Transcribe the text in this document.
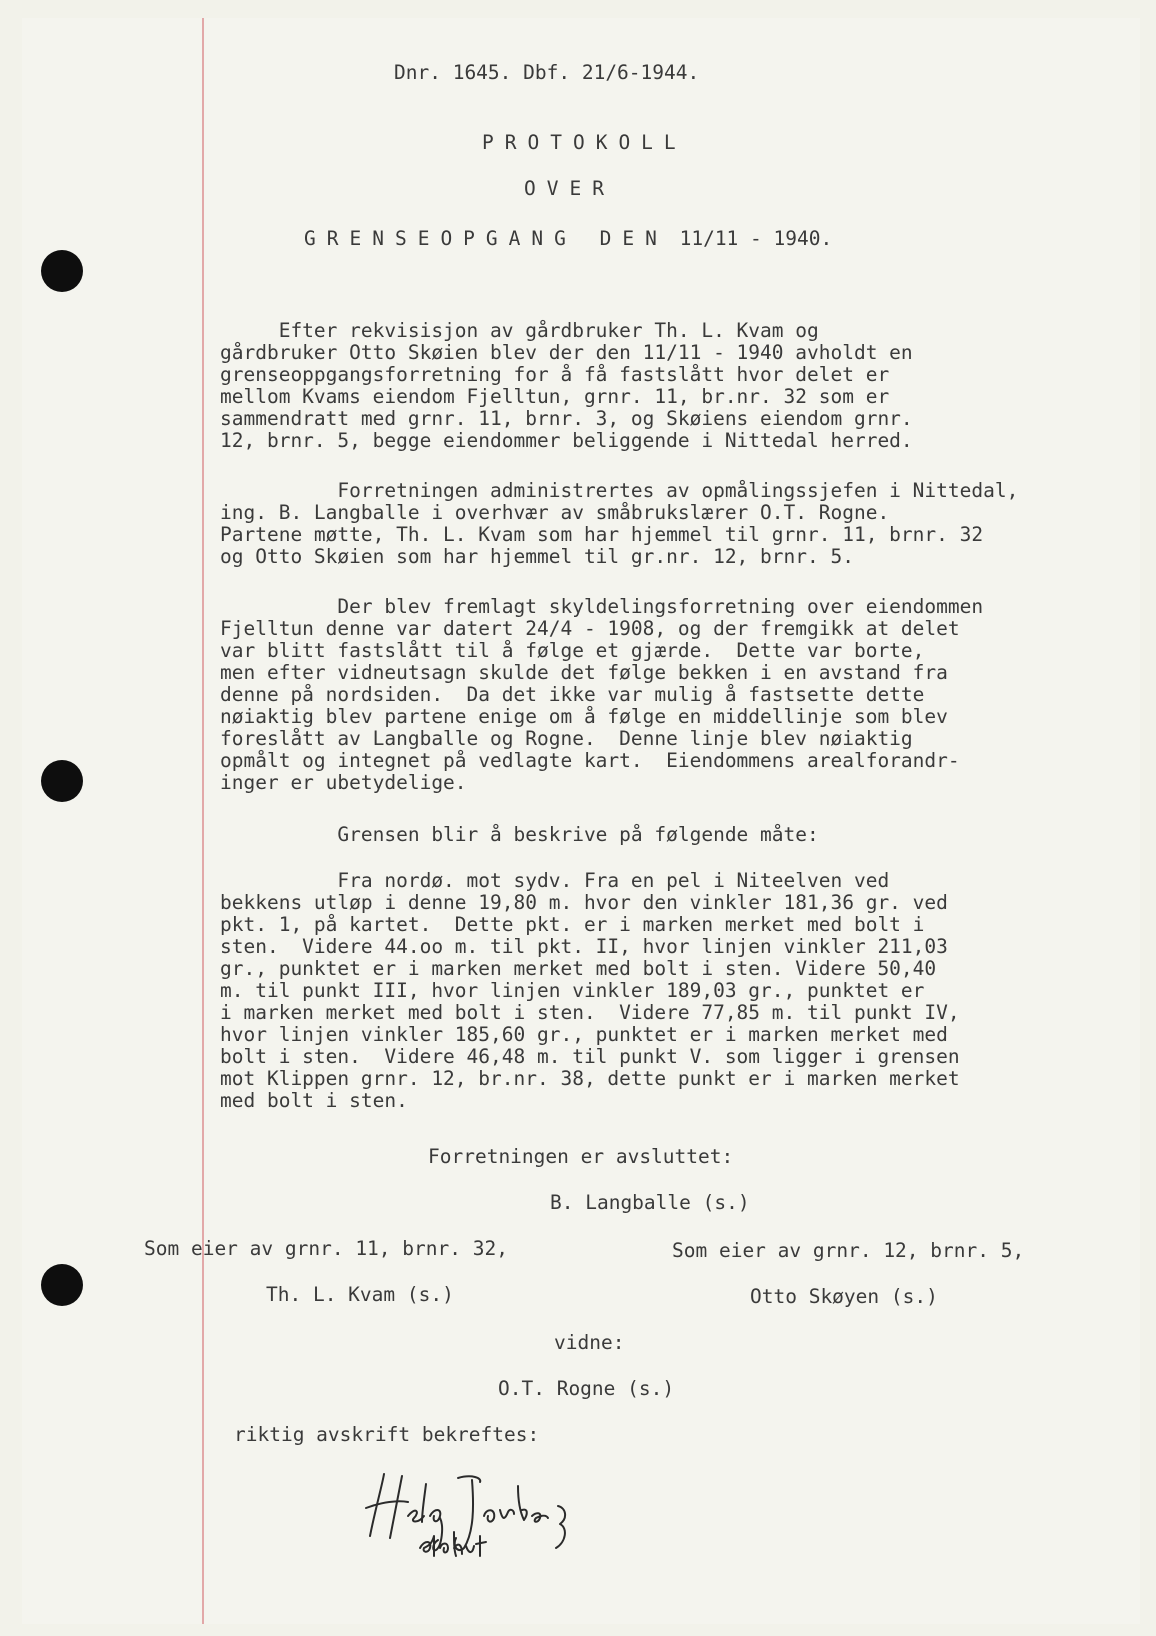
Dnr. 1645. Dbf. 21/6-1944.
PROTOKOLL
OVER
GRENSEOPGANG DEN 11/11 - 1940.
Efter rekvisisjon av gårdbruker Th. L. Kvam og
gårdbruker Otto Skøien blev der den 11/11 - 1940 avholdt en
grenseoppgangsforretning for å få fastslått hvor delet er
mellom Kvams eiendom Fjelltun, grnr. 11, br.nr. 32 som er
sammendratt med grnr. 11, brnr. 3, og Skøiens eiendom grnr.
12, brnr. 5, begge eiendommer beliggende i Nittedal herred.
Forretningen administrertes av opmålingssjefen i Nittedal,
ing. B. Langballe i overhvær av småbrukslærer O.T. Rogne.
Partene møtte, Th. L. Kvam som har hjemmel til grnr. 11, brnr. 32
og Otto Skøien som har hjemmel til gr.nr. 12, brnr. 5.
Der blev fremlagt skyldelingsforretning over eiendommen
Fjelltun denne var datert 24/4 - 1908, og der fremgikk at delet
var blitt fastslått til å følge et gjærde.  Dette var borte,
men efter vidneutsagn skulde det følge bekken i en avstand fra
denne på nordsiden.  Da det ikke var mulig å fastsette dette
nøiaktig blev partene enige om å følge en middellinje som blev
foreslått av Langballe og Rogne.  Denne linje blev nøiaktig
opmålt og integnet på vedlagte kart.  Eiendommens arealforandr-
inger er ubetydelige.
Grensen blir å beskrive på følgende måte:
Fra nordø. mot sydv. Fra en pel i Niteelven ved
bekkens utløp i denne 19,80 m. hvor den vinkler 181,36 gr. ved
pkt. 1, på kartet.  Dette pkt. er i marken merket med bolt i
sten.  Videre 44.oo m. til pkt. II, hvor linjen vinkler 211,03
gr., punktet er i marken merket med bolt i sten. Videre 50,40
m. til punkt III, hvor linjen vinkler 189,03 gr., punktet er
i marken merket med bolt i sten.  Videre 77,85 m. til punkt IV,
hvor linjen vinkler 185,60 gr., punktet er i marken merket med
bolt i sten.  Videre 46,48 m. til punkt V. som ligger i grensen
mot Klippen grnr. 12, br.nr. 38, dette punkt er i marken merket
med bolt i sten.
Forretningen er avsluttet:
B. Langballe (s.)
Som eier av grnr. 11, brnr. 32,	Som eier av grnr. 12, brnr. 5,
Th. L. Kvam (s.)	Otto Skøyen (s.)
vidne:
O.T. Rogne (s.)
riktig avskrift bekreftes:
